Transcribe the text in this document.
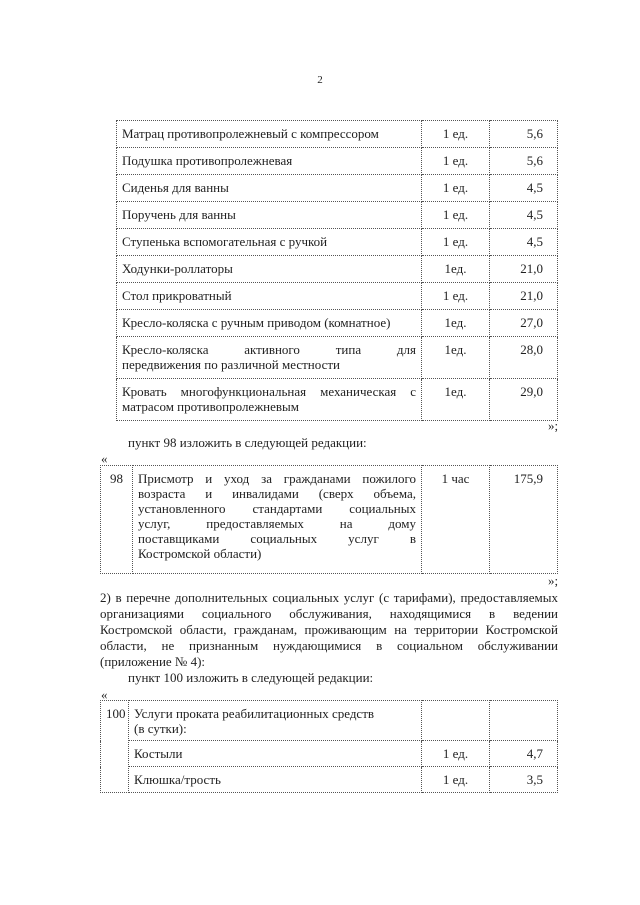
2
Матрац противопролежневый с компрессором	1 ед.	5,6
Подушка противопролежневая	1 ед.	5,6
Сиденья для ванны	1 ед.	4,5
Поручень для ванны	1 ед.	4,5
Ступенька вспомогательная с ручкой	1 ед.	4,5
Ходунки-роллаторы	1ед.	21,0
Стол прикроватный	1 ед.	21,0
Кресло-коляска с ручным приводом (комнатное)	1ед.	27,0

Кресло-коляска активного типа для
передвижения по различной местности	1ед.	28,0

Кровать многофункциональная механическая с
матрасом противопролежневым	1ед.	29,0
»;
пункт 98 изложить в следующей редакции:
«
98	Присмотр и уход за гражданами пожилого
возраста и инвалидами (сверх объема,
установленного стандартами социальных
услуг, предоставляемых на дому
поставщиками социальных услуг в
Костромской области)
	1 час	175,9
»;
2) в перечне дополнительных социальных услуг (с тарифами), предоставляемых организациями социального обслуживания, находящимися в ведении Костромской области, гражданам, проживающим на территории Костромской области, не признанным нуждающимися в социальном обслуживании (приложение № 4):
пункт 100 изложить в следующей редакции:
«
100	Услуги проката реабилитационных средств
(в сутки):		

	Костыли	1 ед.	4,7
	Клюшка/трость	1 ед.	3,5
